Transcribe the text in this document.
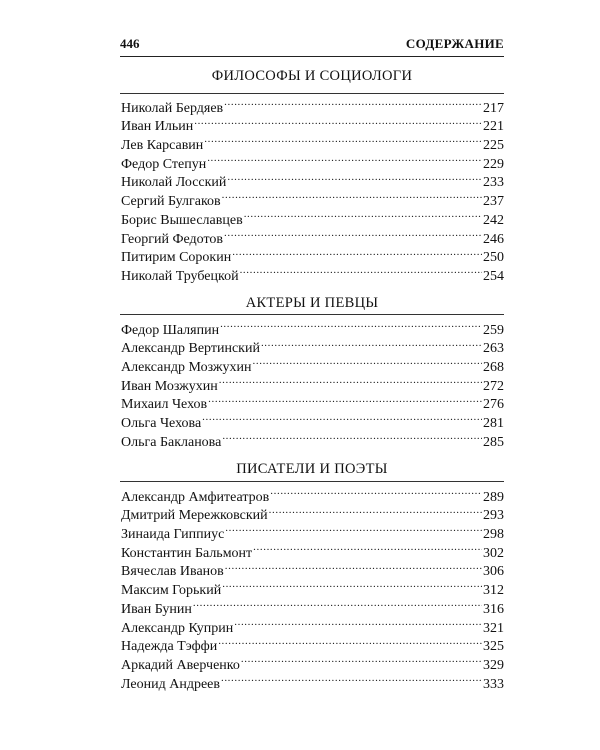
446	СОДЕРЖАНИЕ
ФИЛОСОФЫ И СОЦИОЛОГИ
Николай Бердяев .....	217
Иван Ильин .....	221
Лев Карсавин .....	225
Федор Степун .....	229
Николай Лосский .....	233
Сергий Булгаков .....	237
Борис Вышеславцев .....	242
Георгий Федотов .....	246
Питирим Сорокин .....	250
Николай Трубецкой .....	254
АКТЕРЫ И ПЕВЦЫ
Федор Шаляпин .....	259
Александр Вертинский .....	263
Александр Мозжухин .....	268
Иван Мозжухин .....	272
Михаил Чехов .....	276
Ольга Чехова .....	281
Ольга Бакланова .....	285
ПИСАТЕЛИ И ПОЭТЫ
Александр Амфитеатров .....	289
Дмитрий Мережковский .....	293
Зинаида Гиппиус .....	298
Константин Бальмонт .....	302
Вячеслав Иванов .....	306
Максим Горький .....	312
Иван Бунин .....	316
Александр Куприн .....	321
Надежда Тэффи .....	325
Аркадий Аверченко .....	329
Леонид Андреев .....	333
